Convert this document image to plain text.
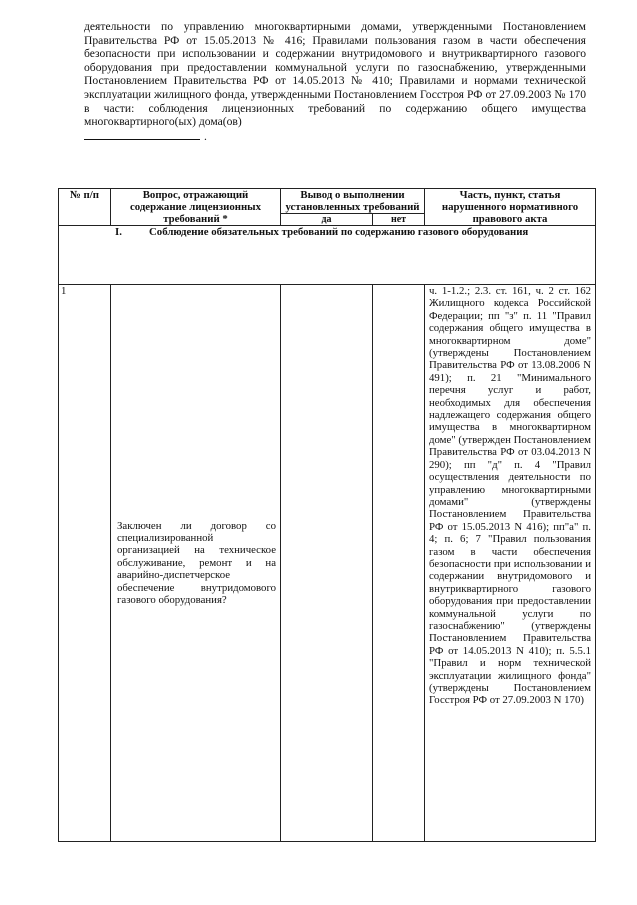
деятельности по управлению многоквартирными домами, утвержденными Постановлением Правительства РФ от 15.05.2013 № 416; Правилами пользования газом в части обеспечения безопасности при использовании и содержании внутридомового и внутриквартирного газового оборудования при предоставлении коммунальной услуги по газоснабжению, утвержденными Постановлением Правительства РФ от 14.05.2013 № 410; Правилами и нормами технической эксплуатации жилищного фонда, утвержденными Постановлением Госстроя РФ от 27.09.2003 № 170 в части: соблюдения лицензионных требований по содержанию общего имущества многоквартирного(ых) дома(ов)
.

№ п/п	Вопрос, отражающий содержание лицензионных требований *	Вывод о выполнении установленных требований		Часть, пункт, статья нарушенного нормативного правового акта
		да	нет	

I. Соблюдение обязательных требований по содержанию газового оборудования				

1	Заключен ли договор со специализированной организацией на техническое обслуживание, ремонт и на аварийно-диспетчерское обеспечение внутридомового газового оборудования?			ч. 1-1.2.; 2.3. ст. 161, ч. 2 ст. 162 Жилищного кодекса Российской Федерации; пп "з" п. 11 "Правил содержания общего имущества в многоквартирном доме" (утверждены Постановлением Правительства РФ от 13.08.2006 N 491); п. 21 "Минимального перечня услуг и работ, необходимых для обеспечения надлежащего содержания общего имущества в многоквартирном доме" (утвержден Постановлением Правительства РФ от 03.04.2013 N 290); пп "д" п. 4 "Правил осуществления деятельности по управлению многоквартирными домами" (утверждены Постановлением Правительства РФ от 15.05.2013 N 416); пп"а" п. 4; п. 6; 7 "Правил пользования газом в части обеспечения безопасности при использовании и содержании внутридомового и внутриквартирного газового оборудования при предоставлении коммунальной услуги по газоснабжению" (утверждены Постановлением Правительства РФ от 14.05.2013 N 410); п. 5.5.1 "Правил и норм технической эксплуатации жилищного фонда" (утверждены Постановлением Госстроя РФ от 27.09.2003 N 170)
